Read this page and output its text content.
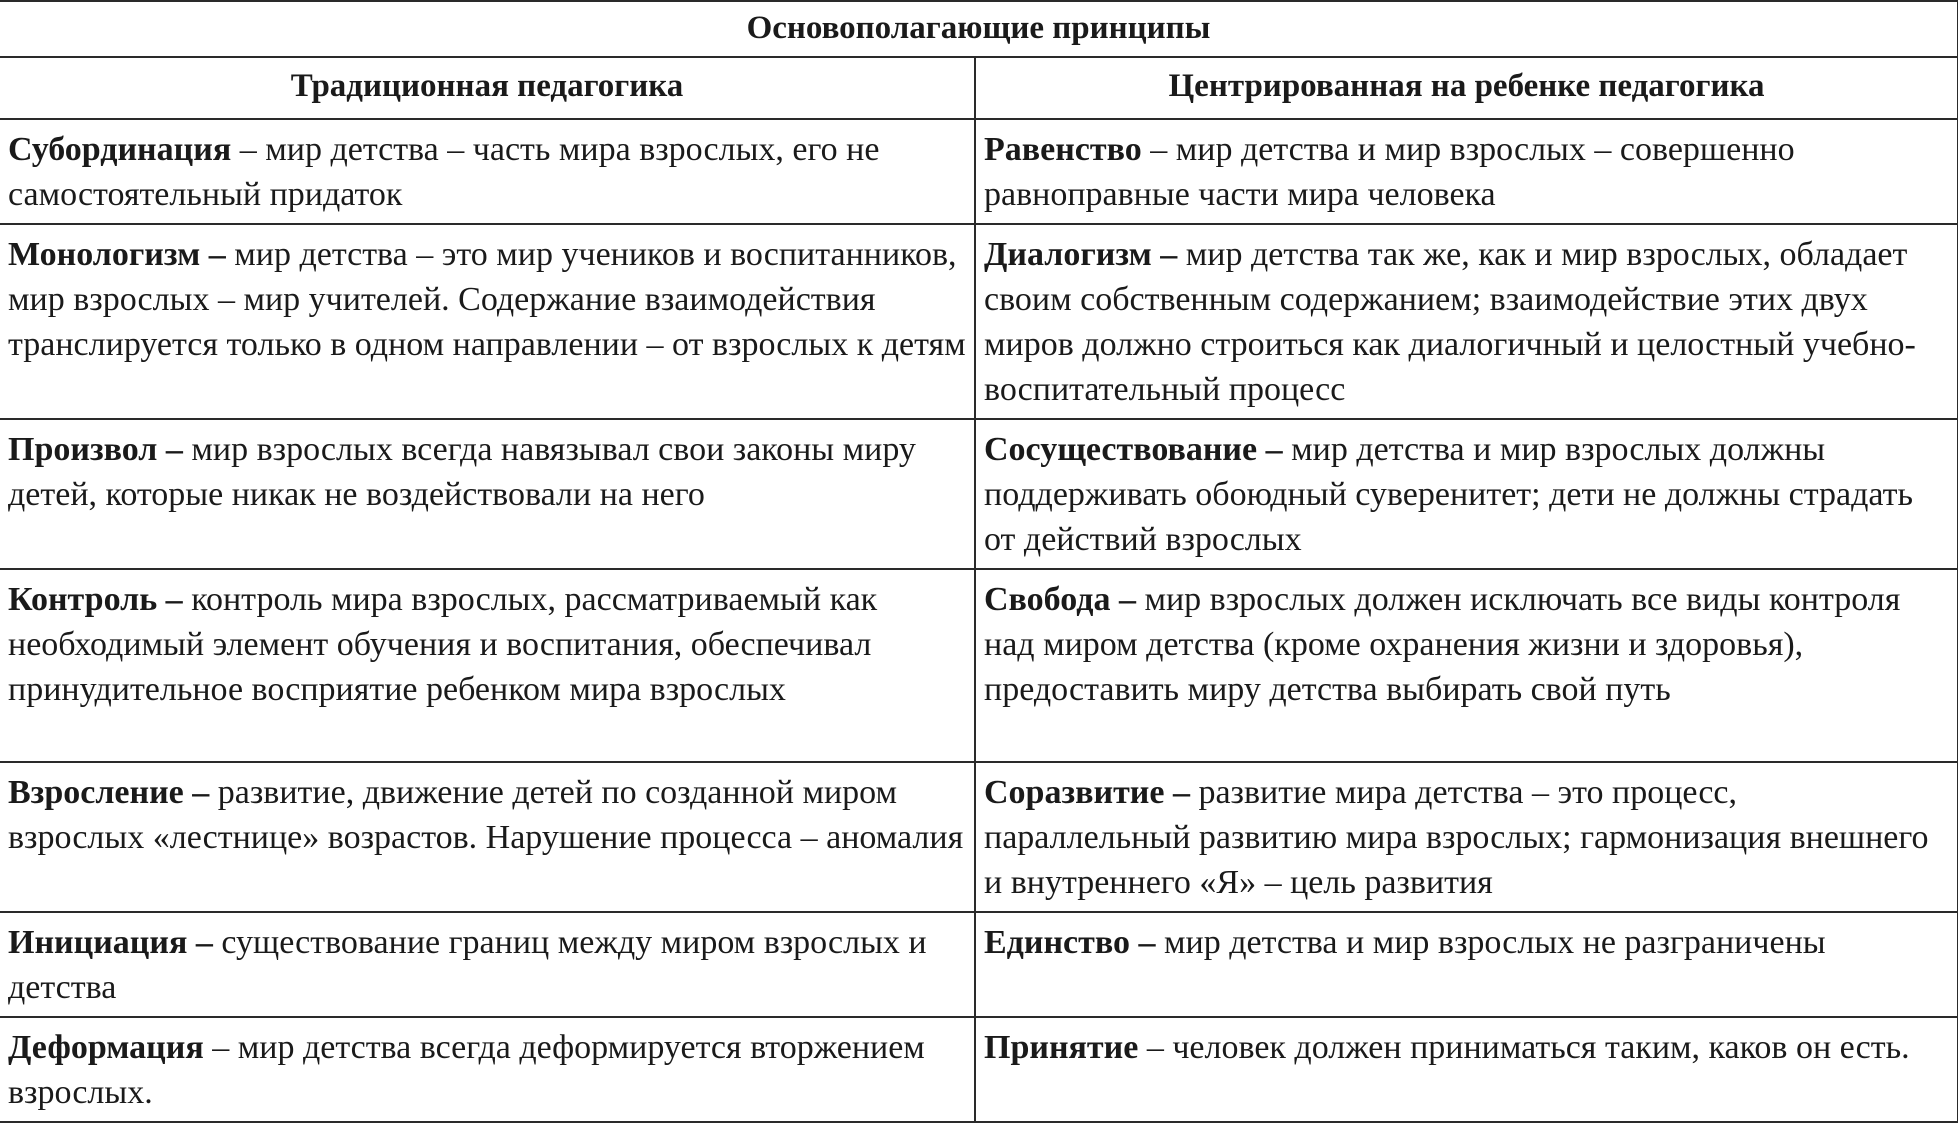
Основополагающие принципы	
Традиционная педагогика	Центрированная на ребенке педагогика

Субординация – мир детства – часть мира взрослых, его не самостоятельный придаток	Равенство – мир детства и мир взрослых – совершенно равноправные части мира человека

Монологизм – мир детства – это мир учеников и воспитанников, мир взрослых – мир учителей. Содержание взаимодействия транслируется только в одном направлении – от взрослых к детям	Диалогизм – мир детства так же, как и мир взрослых, обладает своим собственным содержанием; взаимодействие этих двух миров должно строиться как диалогичный и целостный учебно-воспитательный процесс

Произвол – мир взрослых всегда навязывал свои законы миру детей, которые никак не воздействовали на него	Сосуществование – мир детства и мир взрослых должны поддерживать обоюдный суверенитет; дети не должны страдать от действий взрослых

Контроль – контроль мира взрослых, рассматриваемый как необходимый элемент обучения и воспитания, обеспечивал принудительное восприятие ребенком мира взрослых	Свобода – мир взрослых должен исключать все виды контроля над миром детства (кроме охранения жизни и здоровья), предоставить миру детства выбирать свой путь

Взросление – развитие, движение детей по созданной миром взрослых «лестнице» возрастов. Нарушение процесса – аномалия	Соразвитие – развитие мира детства – это процесс, параллельный развитию мира взрослых; гармонизация внешнего и внутреннего «Я» – цель развития

Инициация – существование границ между миром взрослых и детства	Единство – мир детства и мир взрослых не разграничены

Деформация – мир детства всегда деформируется вторжением взрослых.	Принятие – человек должен приниматься таким, каков он есть.
